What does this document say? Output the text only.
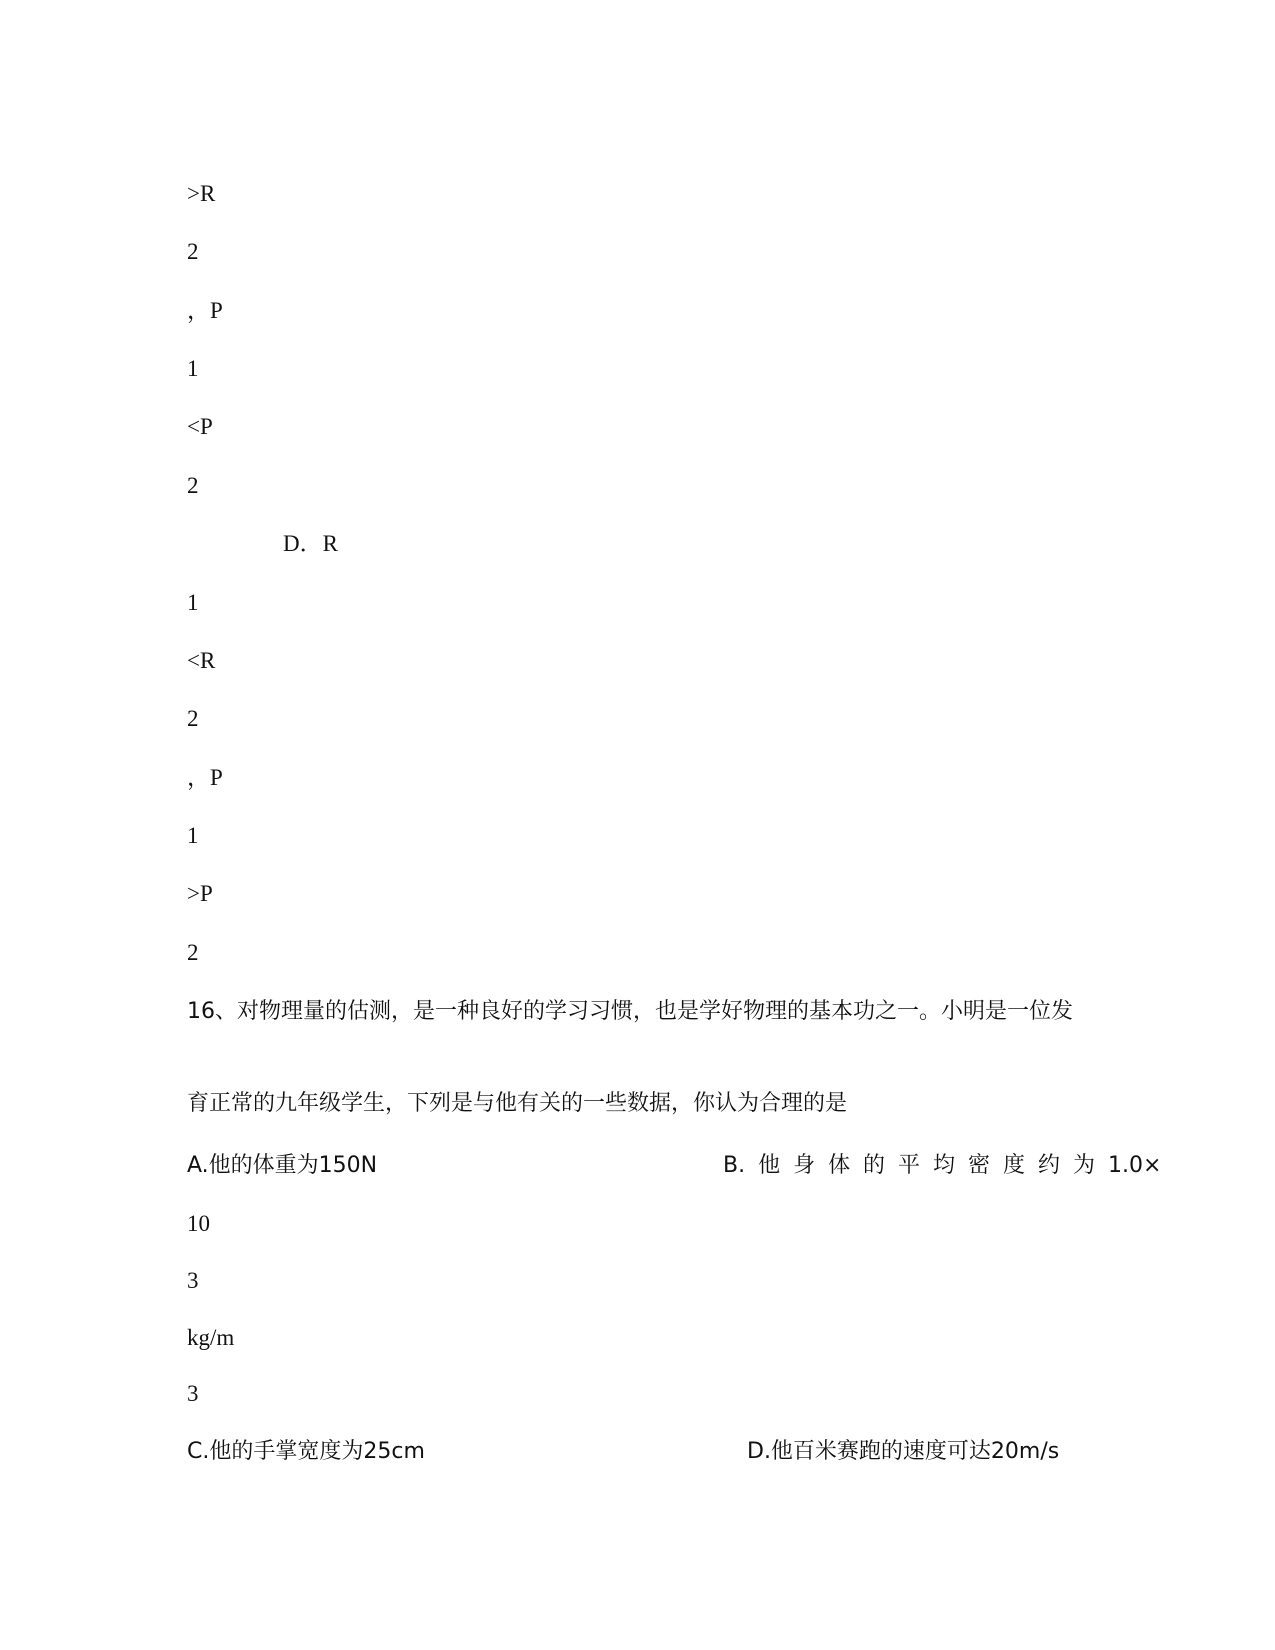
>R
2
，P
1
<P
2
D．R
1
<R
2
，P
1
>P
2
16、对物理量的估测，是一种良好的学习习惯，也是学好物理的基本功之一。小明是一位发
育正常的九年级学生，下列是与他有关的一些数据，你认为合理的是
A.他的体重为150N	B. 他 身 体 的 平 均 密 度 约 为 1.0×
10
3
kg/m
3
C.他的手掌宽度为25cm	D.他百米赛跑的速度可达20m/s
